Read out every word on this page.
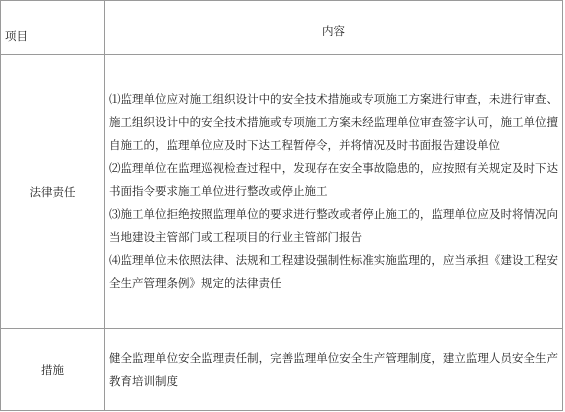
项目	内容
法律责任	⑴监理单位应对施工组织设计中的安全技术措施或专项施工方案进行审查，未进行审查、施工组织设计中的安全技术措施或专项施工方案未经监理单位审查签字认可，施工单位擅自施工的，监理单位应及时下达工程暂停令，并将情况及时书面报告建设单位
⑵监理单位在监理巡视检查过程中，发现存在安全事故隐患的，应按照有关规定及时下达书面指令要求施工单位进行整改或停止施工
⑶施工单位拒绝按照监理单位的要求进行整改或者停止施工的，监理单位应及时将情况向当地建设主管部门或工程项目的行业主管部门报告
⑷监理单位未依照法律、法规和工程建设强制性标准实施监理的，应当承担《建设工程安全生产管理条例》规定的法律责任

措施	健全监理单位安全监理责任制，完善监理单位安全生产管理制度，建立监理人员安全生产教育培训制度
